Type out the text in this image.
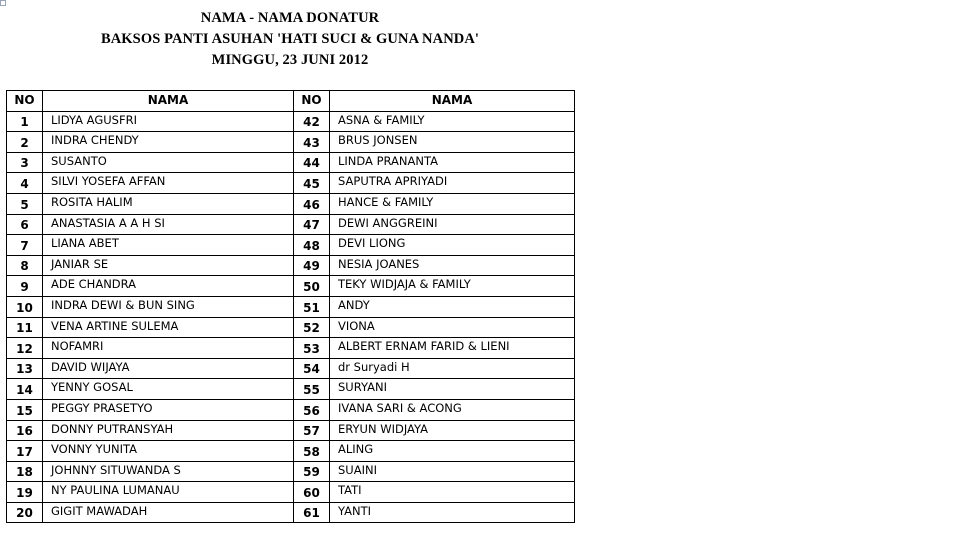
NAMA - NAMA DONATUR
BAKSOS PANTI ASUHAN 'HATI SUCI & GUNA NANDA'
MINGGU, 23 JUNI 2012
NO	NAMA	NO	NAMA
1	LIDYA AGUSFRI	42	ASNA & FAMILY
2	INDRA CHENDY	43	BRUS JONSEN
3	SUSANTO	44	LINDA PRANANTA
4	SILVI YOSEFA AFFAN	45	SAPUTRA APRIYADI
5	ROSITA HALIM	46	HANCE & FAMILY
6	ANASTASIA A A H SI	47	DEWI ANGGREINI
7	LIANA ABET	48	DEVI LIONG
8	JANIAR SE	49	NESIA JOANES
9	ADE CHANDRA	50	TEKY WIDJAJA & FAMILY
10	INDRA DEWI & BUN SING	51	ANDY
11	VENA ARTINE SULEMA	52	VIONA
12	NOFAMRI	53	ALBERT ERNAM FARID & LIENI
13	DAVID WIJAYA	54	dr Suryadi H
14	YENNY GOSAL	55	SURYANI
15	PEGGY PRASETYO	56	IVANA SARI & ACONG
16	DONNY PUTRANSYAH	57	ERYUN WIDJAYA
17	VONNY YUNITA	58	ALING
18	JOHNNY SITUWANDA S	59	SUAINI
19	NY PAULINA LUMANAU	60	TATI
20	GIGIT MAWADAH	61	YANTI
